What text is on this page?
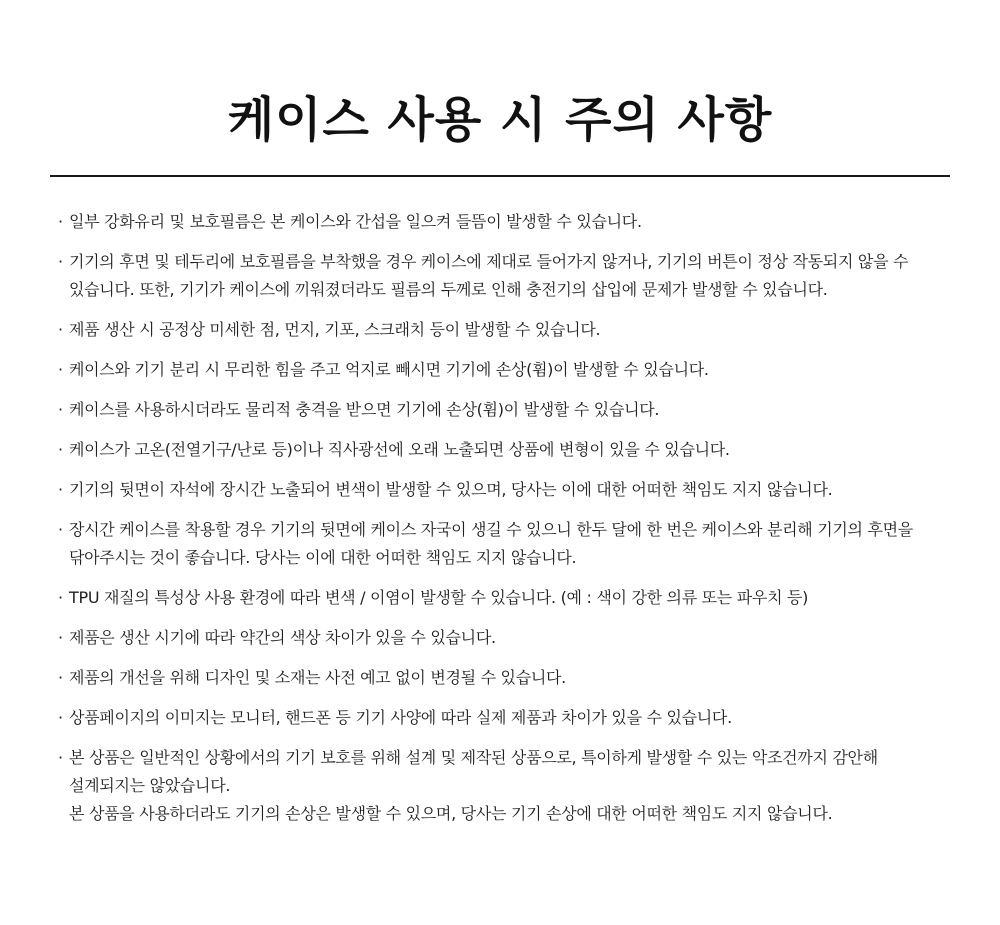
케이스 사용 시 주의 사항
· 일부 강화유리 및 보호필름은 본 케이스와 간섭을 일으켜 들뜸이 발생할 수 있습니다.
· 기기의 후면 및 테두리에 보호필름을 부착했을 경우 케이스에 제대로 들어가지 않거나, 기기의 버튼이 정상 작동되지 않을 수
있습니다. 또한, 기기가 케이스에 끼워졌더라도 필름의 두께로 인해 충전기의 삽입에 문제가 발생할 수 있습니다.
· 제품 생산 시 공정상 미세한 점, 먼지, 기포, 스크래치 등이 발생할 수 있습니다.
· 케이스와 기기 분리 시 무리한 힘을 주고 억지로 빼시면 기기에 손상(휨)이 발생할 수 있습니다.
· 케이스를 사용하시더라도 물리적 충격을 받으면 기기에 손상(휨)이 발생할 수 있습니다.
· 케이스가 고온(전열기구/난로 등)이나 직사광선에 오래 노출되면 상품에 변형이 있을 수 있습니다.
· 기기의 뒷면이 자석에 장시간 노출되어 변색이 발생할 수 있으며, 당사는 이에 대한 어떠한 책임도 지지 않습니다.
· 장시간 케이스를 착용할 경우 기기의 뒷면에 케이스 자국이 생길 수 있으니 한두 달에 한 번은 케이스와 분리해 기기의 후면을
닦아주시는 것이 좋습니다. 당사는 이에 대한 어떠한 책임도 지지 않습니다.
· TPU 재질의 특성상 사용 환경에 따라 변색 / 이염이 발생할 수 있습니다. (예 : 색이 강한 의류 또는 파우치 등)
· 제품은 생산 시기에 따라 약간의 색상 차이가 있을 수 있습니다.
· 제품의 개선을 위해 디자인 및 소재는 사전 예고 없이 변경될 수 있습니다.
· 상품페이지의 이미지는 모니터, 핸드폰 등 기기 사양에 따라 실제 제품과 차이가 있을 수 있습니다.
· 본 상품은 일반적인 상황에서의 기기 보호를 위해 설계 및 제작된 상품으로, 특이하게 발생할 수 있는 악조건까지 감안해
설계되지는 않았습니다.
본 상품을 사용하더라도 기기의 손상은 발생할 수 있으며, 당사는 기기 손상에 대한 어떠한 책임도 지지 않습니다.
